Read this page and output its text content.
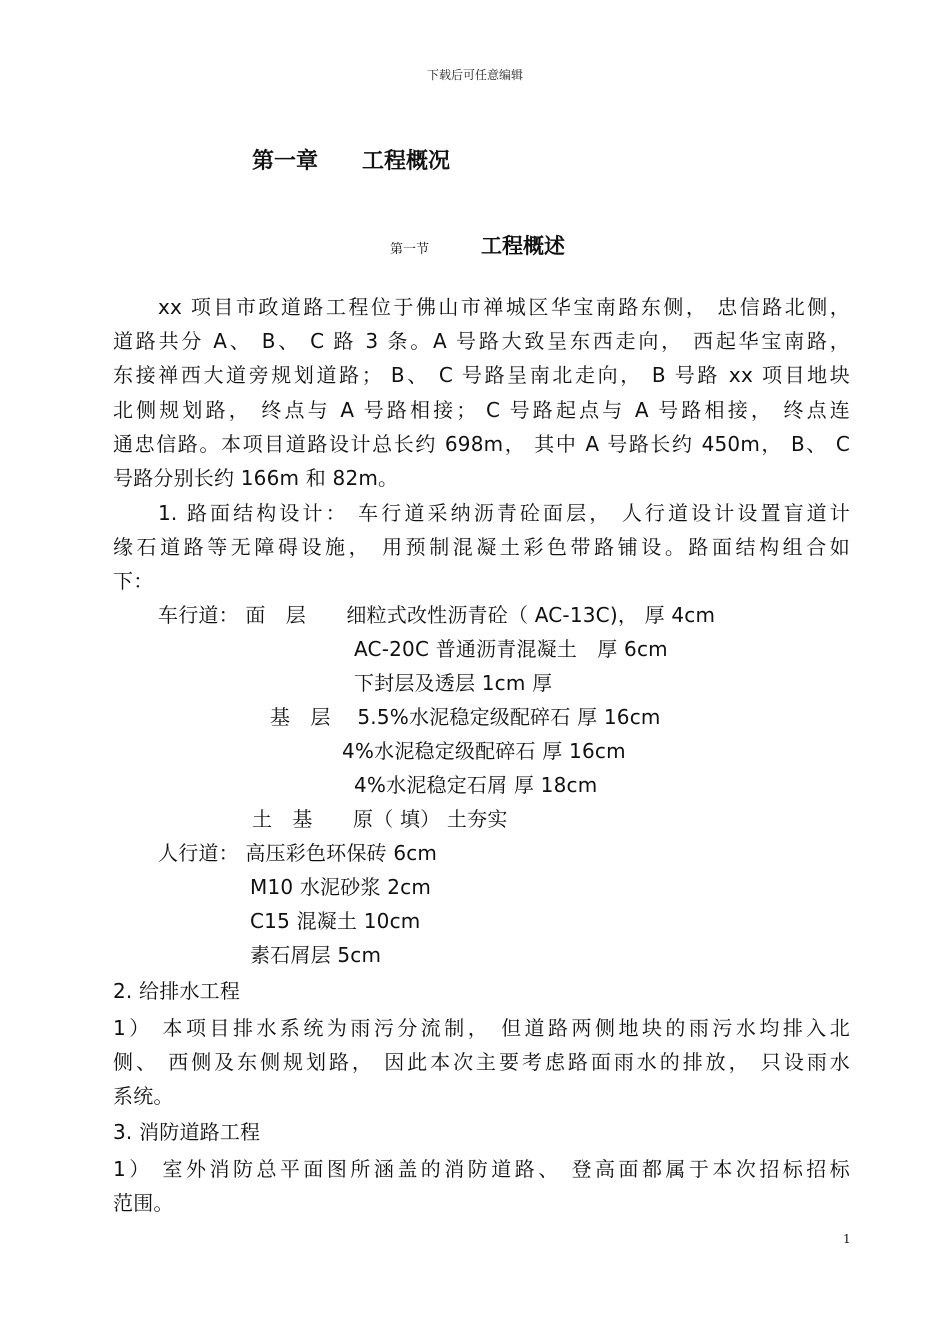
下载后可任意编辑
第一章 工程概况
第一节 工程概述
xx 项目市政道路工程位于佛山市禅城区华宝南路东侧， 忠信路北侧，
道路共分 A、 B、 C 路 3 条。A 号路大致呈东西走向， 西起华宝南路，
东接禅西大道旁规划道路； B、 C 号路呈南北走向， B 号路 xx 项目地块
北侧规划路， 终点与 A 号路相接； C 号路起点与 A 号路相接， 终点连
通忠信路。本项目道路设计总长约 698m， 其中 A 号路长约 450m， B、 C
号路分别长约 166m 和 82m。
1. 路面结构设计： 车行道采纳沥青砼面层， 人行道设计设置盲道计
缘石道路等无障碍设施， 用预制混凝土彩色带路铺设。路面结构组合如
下：
车行道： 面　层　　细粒式改性沥青砼（ AC-13C)， 厚 4cm
AC-20C 普通沥青混凝土　厚 6cm
下封层及透层 1cm 厚
基　层　 5.5%水泥稳定级配碎石 厚 16cm
4%水泥稳定级配碎石 厚 16cm
4%水泥稳定石屑 厚 18cm
土　基　　原（ 填） 土夯实
人行道： 高压彩色环保砖 6cm
M10 水泥砂浆 2cm
C15 混凝土 10cm
素石屑层 5cm
2. 给排水工程
1） 本项目排水系统为雨污分流制， 但道路两侧地块的雨污水均排入北
侧、 西侧及东侧规划路， 因此本次主要考虑路面雨水的排放， 只设雨水
系统。
3. 消防道路工程
1） 室外消防总平面图所涵盖的消防道路、 登高面都属于本次招标招标
范围。
1
